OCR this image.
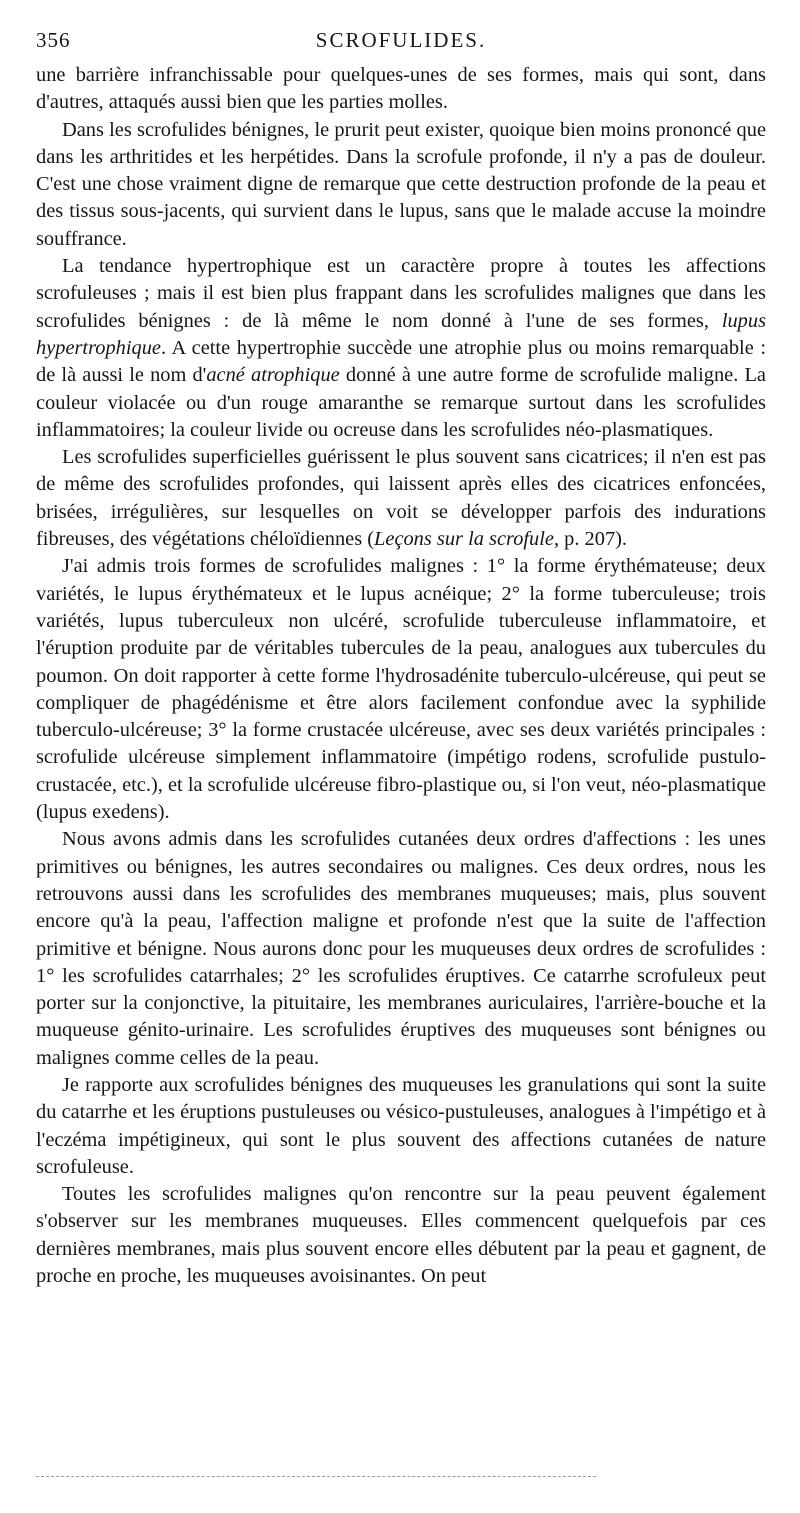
356	SCROFULIDES.

une barrière infranchissable pour quelques-unes de ses formes, mais qui sont, dans d'autres, attaqués aussi bien que les parties molles.

Dans les scrofulides bénignes, le prurit peut exister, quoique bien moins prononcé que dans les arthritides et les herpétides. Dans la scrofule profonde, il n'y a pas de douleur. C'est une chose vraiment digne de remarque que cette destruction profonde de la peau et des tissus sous-jacents, qui survient dans le lupus, sans que le malade accuse la moindre souffrance.

La tendance hypertrophique est un caractère propre à toutes les affections scrofuleuses ; mais il est bien plus frappant dans les scrofulides malignes que dans les scrofulides bénignes : de là même le nom donné à l'une de ses formes, lupus hypertrophique. A cette hypertrophie succède une atrophie plus ou moins remarquable : de là aussi le nom d'acné atrophique donné à une autre forme de scrofulide maligne. La couleur violacée ou d'un rouge amaranthe se remarque surtout dans les scrofulides inflammatoires; la couleur livide ou ocreuse dans les scrofulides néo-plasmatiques.

Les scrofulides superficielles guérissent le plus souvent sans cicatrices; il n'en est pas de même des scrofulides profondes, qui laissent après elles des cicatrices enfoncées, brisées, irrégulières, sur lesquelles on voit se développer parfois des indurations fibreuses, des végétations chéloïdiennes (Leçons sur la scrofule, p. 207).

J'ai admis trois formes de scrofulides malignes : 1° la forme érythémateuse; deux variétés, le lupus érythémateux et le lupus acnéique; 2° la forme tuberculeuse; trois variétés, lupus tuberculeux non ulcéré, scrofulide tuberculeuse inflammatoire, et l'éruption produite par de véritables tubercules de la peau, analogues aux tubercules du poumon. On doit rapporter à cette forme l'hydrosadénite tuberculo-ulcéreuse, qui peut se compliquer de phagédénisme et être alors facilement confondue avec la syphilide tuberculo-ulcéreuse; 3° la forme crustacée ulcéreuse, avec ses deux variétés principales : scrofulide ulcéreuse simplement inflammatoire (impétigo rodens, scrofulide pustulo-crustacée, etc.), et la scrofulide ulcéreuse fibro-plastique ou, si l'on veut, néo-plasmatique (lupus exedens).

Nous avons admis dans les scrofulides cutanées deux ordres d'affections : les unes primitives ou bénignes, les autres secondaires ou malignes. Ces deux ordres, nous les retrouvons aussi dans les scrofulides des membranes muqueuses; mais, plus souvent encore qu'à la peau, l'affection maligne et profonde n'est que la suite de l'affection primitive et bénigne. Nous aurons donc pour les muqueuses deux ordres de scrofulides : 1° les scrofulides catarrhales; 2° les scrofulides éruptives. Ce catarrhe scrofuleux peut porter sur la conjonctive, la pituitaire, les membranes auriculaires, l'arrière-bouche et la muqueuse génito-urinaire. Les scrofulides éruptives des muqueuses sont bénignes ou malignes comme celles de la peau.

Je rapporte aux scrofulides bénignes des muqueuses les granulations qui sont la suite du catarrhe et les éruptions pustuleuses ou vésico-pustuleuses, analogues à l'impétigo et à l'eczéma impétigineux, qui sont le plus souvent des affections cutanées de nature scrofuleuse.

Toutes les scrofulides malignes qu'on rencontre sur la peau peuvent également s'observer sur les membranes muqueuses. Elles commencent quelquefois par ces dernières membranes, mais plus souvent encore elles débutent par la peau et gagnent, de proche en proche, les muqueuses avoisinantes. On peut
